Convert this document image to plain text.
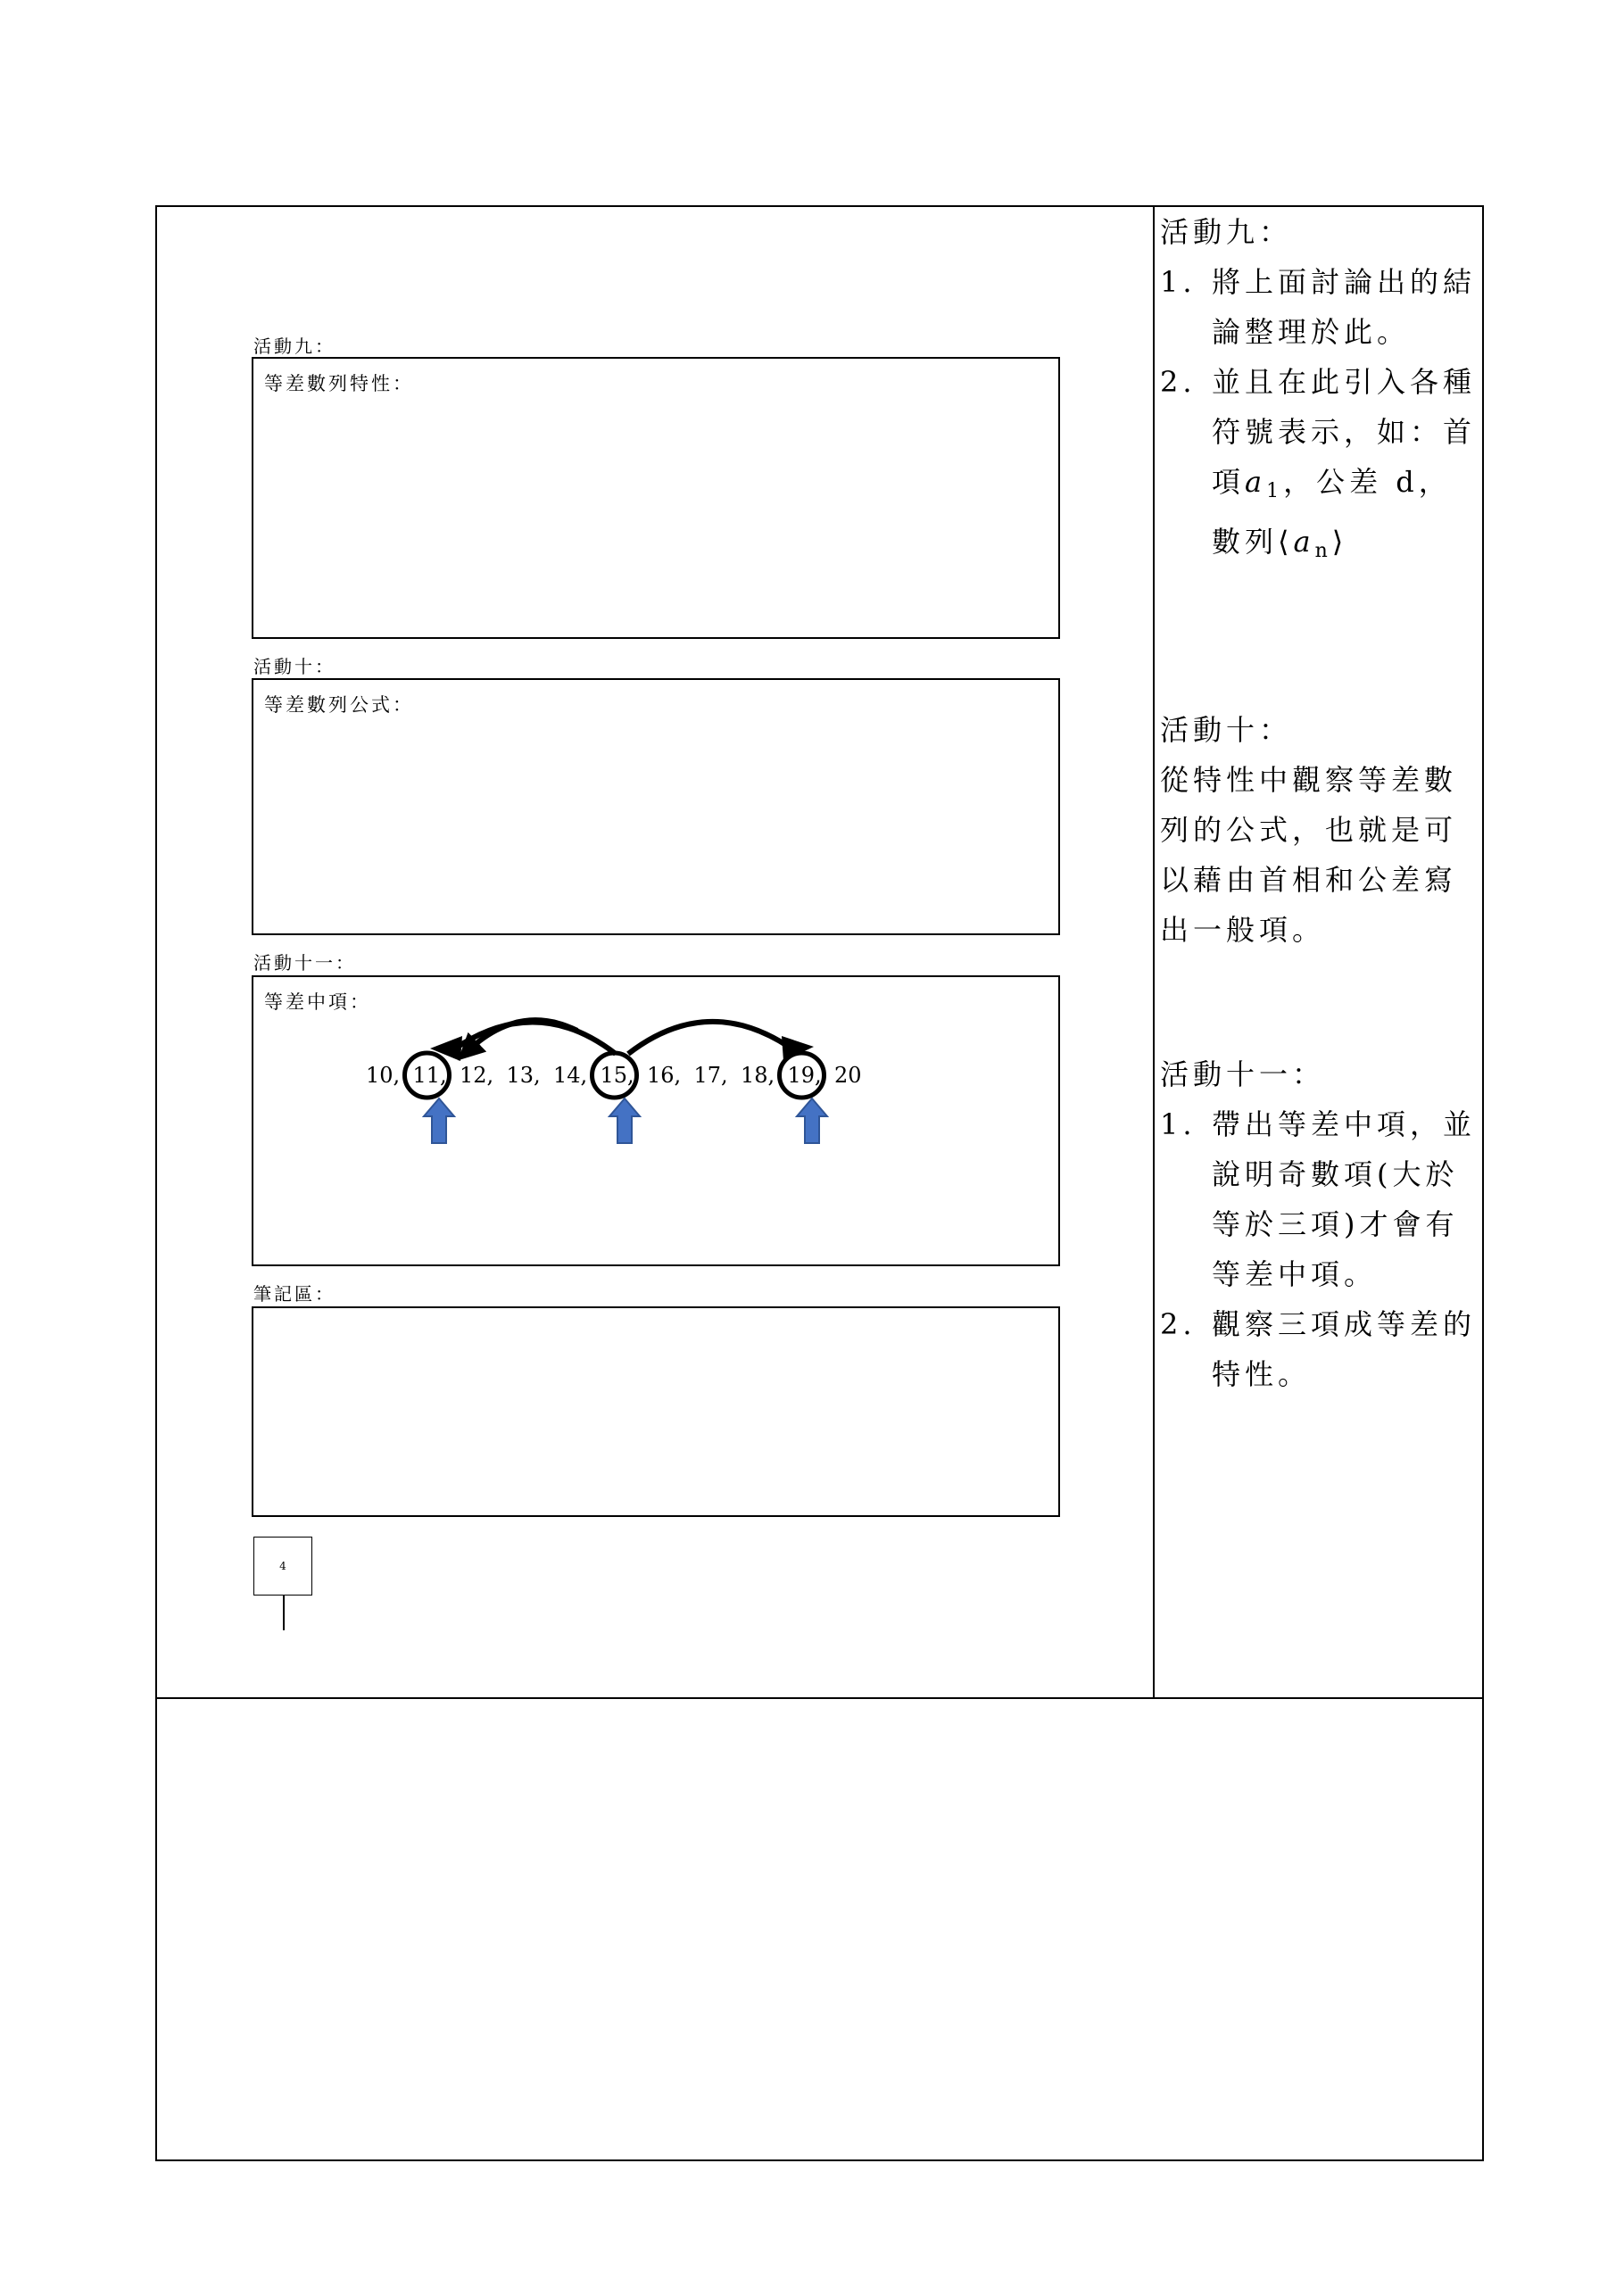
活動九：
等差數列特性：
活動十：
等差數列公式：
活動十一：
等差中項：
10, 11, 12, 13, 14, 15, 16, 17, 18, 19, 20
筆記區：
4
活動九：
1. 將上面討論出的結論整理於此。
2. 並且在此引入各種符號表示，如：首項$a_1$，公差 d，數列$⟨a_n⟩$
活動十：

從特性中觀察等差數列的公式，也就是可以藉由首相和公差寫出一般項。

活動十一：
1. 帶出等差中項，並說明奇數項(大於等於三項)才會有等差中項。
2. 觀察三項成等差的特性。
